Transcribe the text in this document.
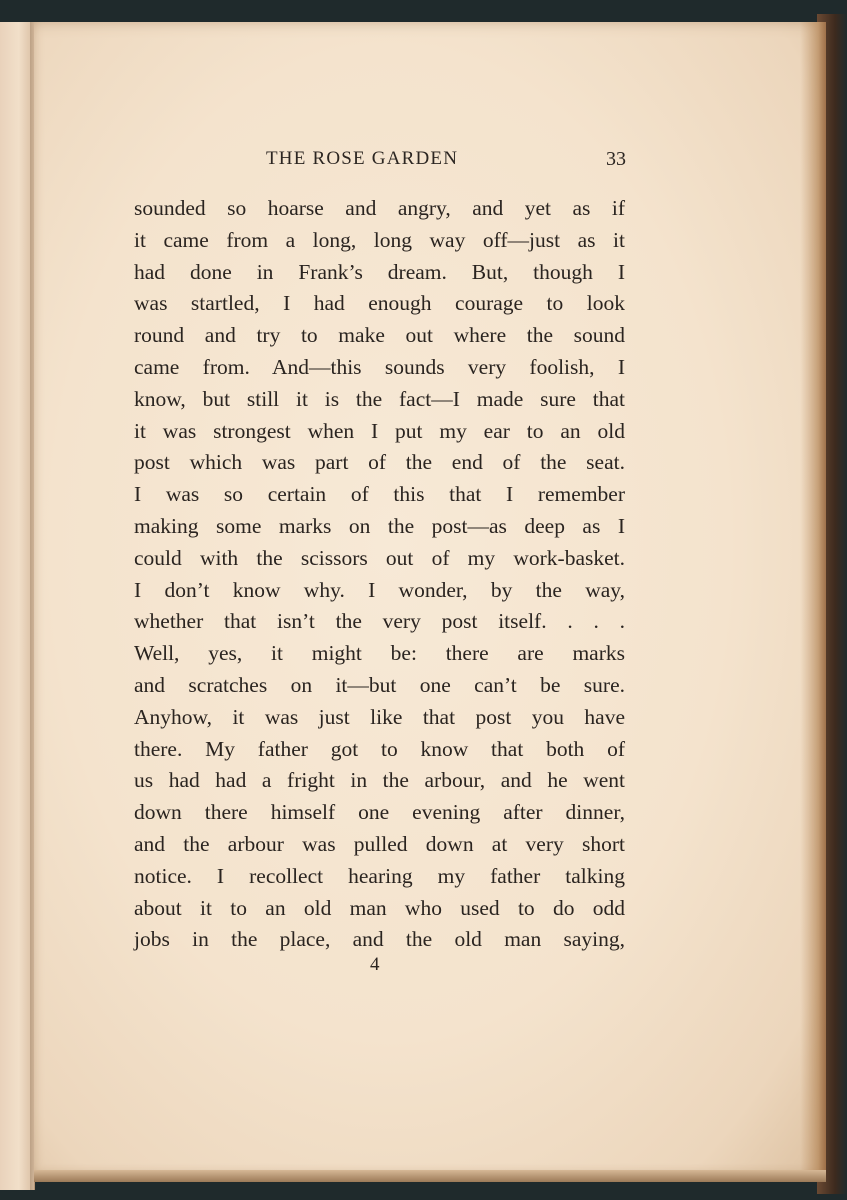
THE ROSE GARDEN	33
sounded so hoarse and angry, and yet as if
it came from a long, long way off—just as it
had done in Frank’s dream. But, though I
was startled, I had enough courage to look
round and try to make out where the sound
came from. And—this sounds very foolish, I
know, but still it is the fact—I made sure that
it was strongest when I put my ear to an old
post which was part of the end of the seat.
I was so certain of this that I remember
making some marks on the post—as deep as I
could with the scissors out of my work-basket.
I don’t know why. I wonder, by the way,
whether that isn’t the very post itself. . . .
Well, yes, it might be: there are marks
and scratches on it—but one can’t be sure.
Anyhow, it was just like that post you have
there. My father got to know that both of
us had had a fright in the arbour, and he went
down there himself one evening after dinner,
and the arbour was pulled down at very short
notice. I recollect hearing my father talking
about it to an old man who used to do odd
jobs in the place, and the old man saying,
4
